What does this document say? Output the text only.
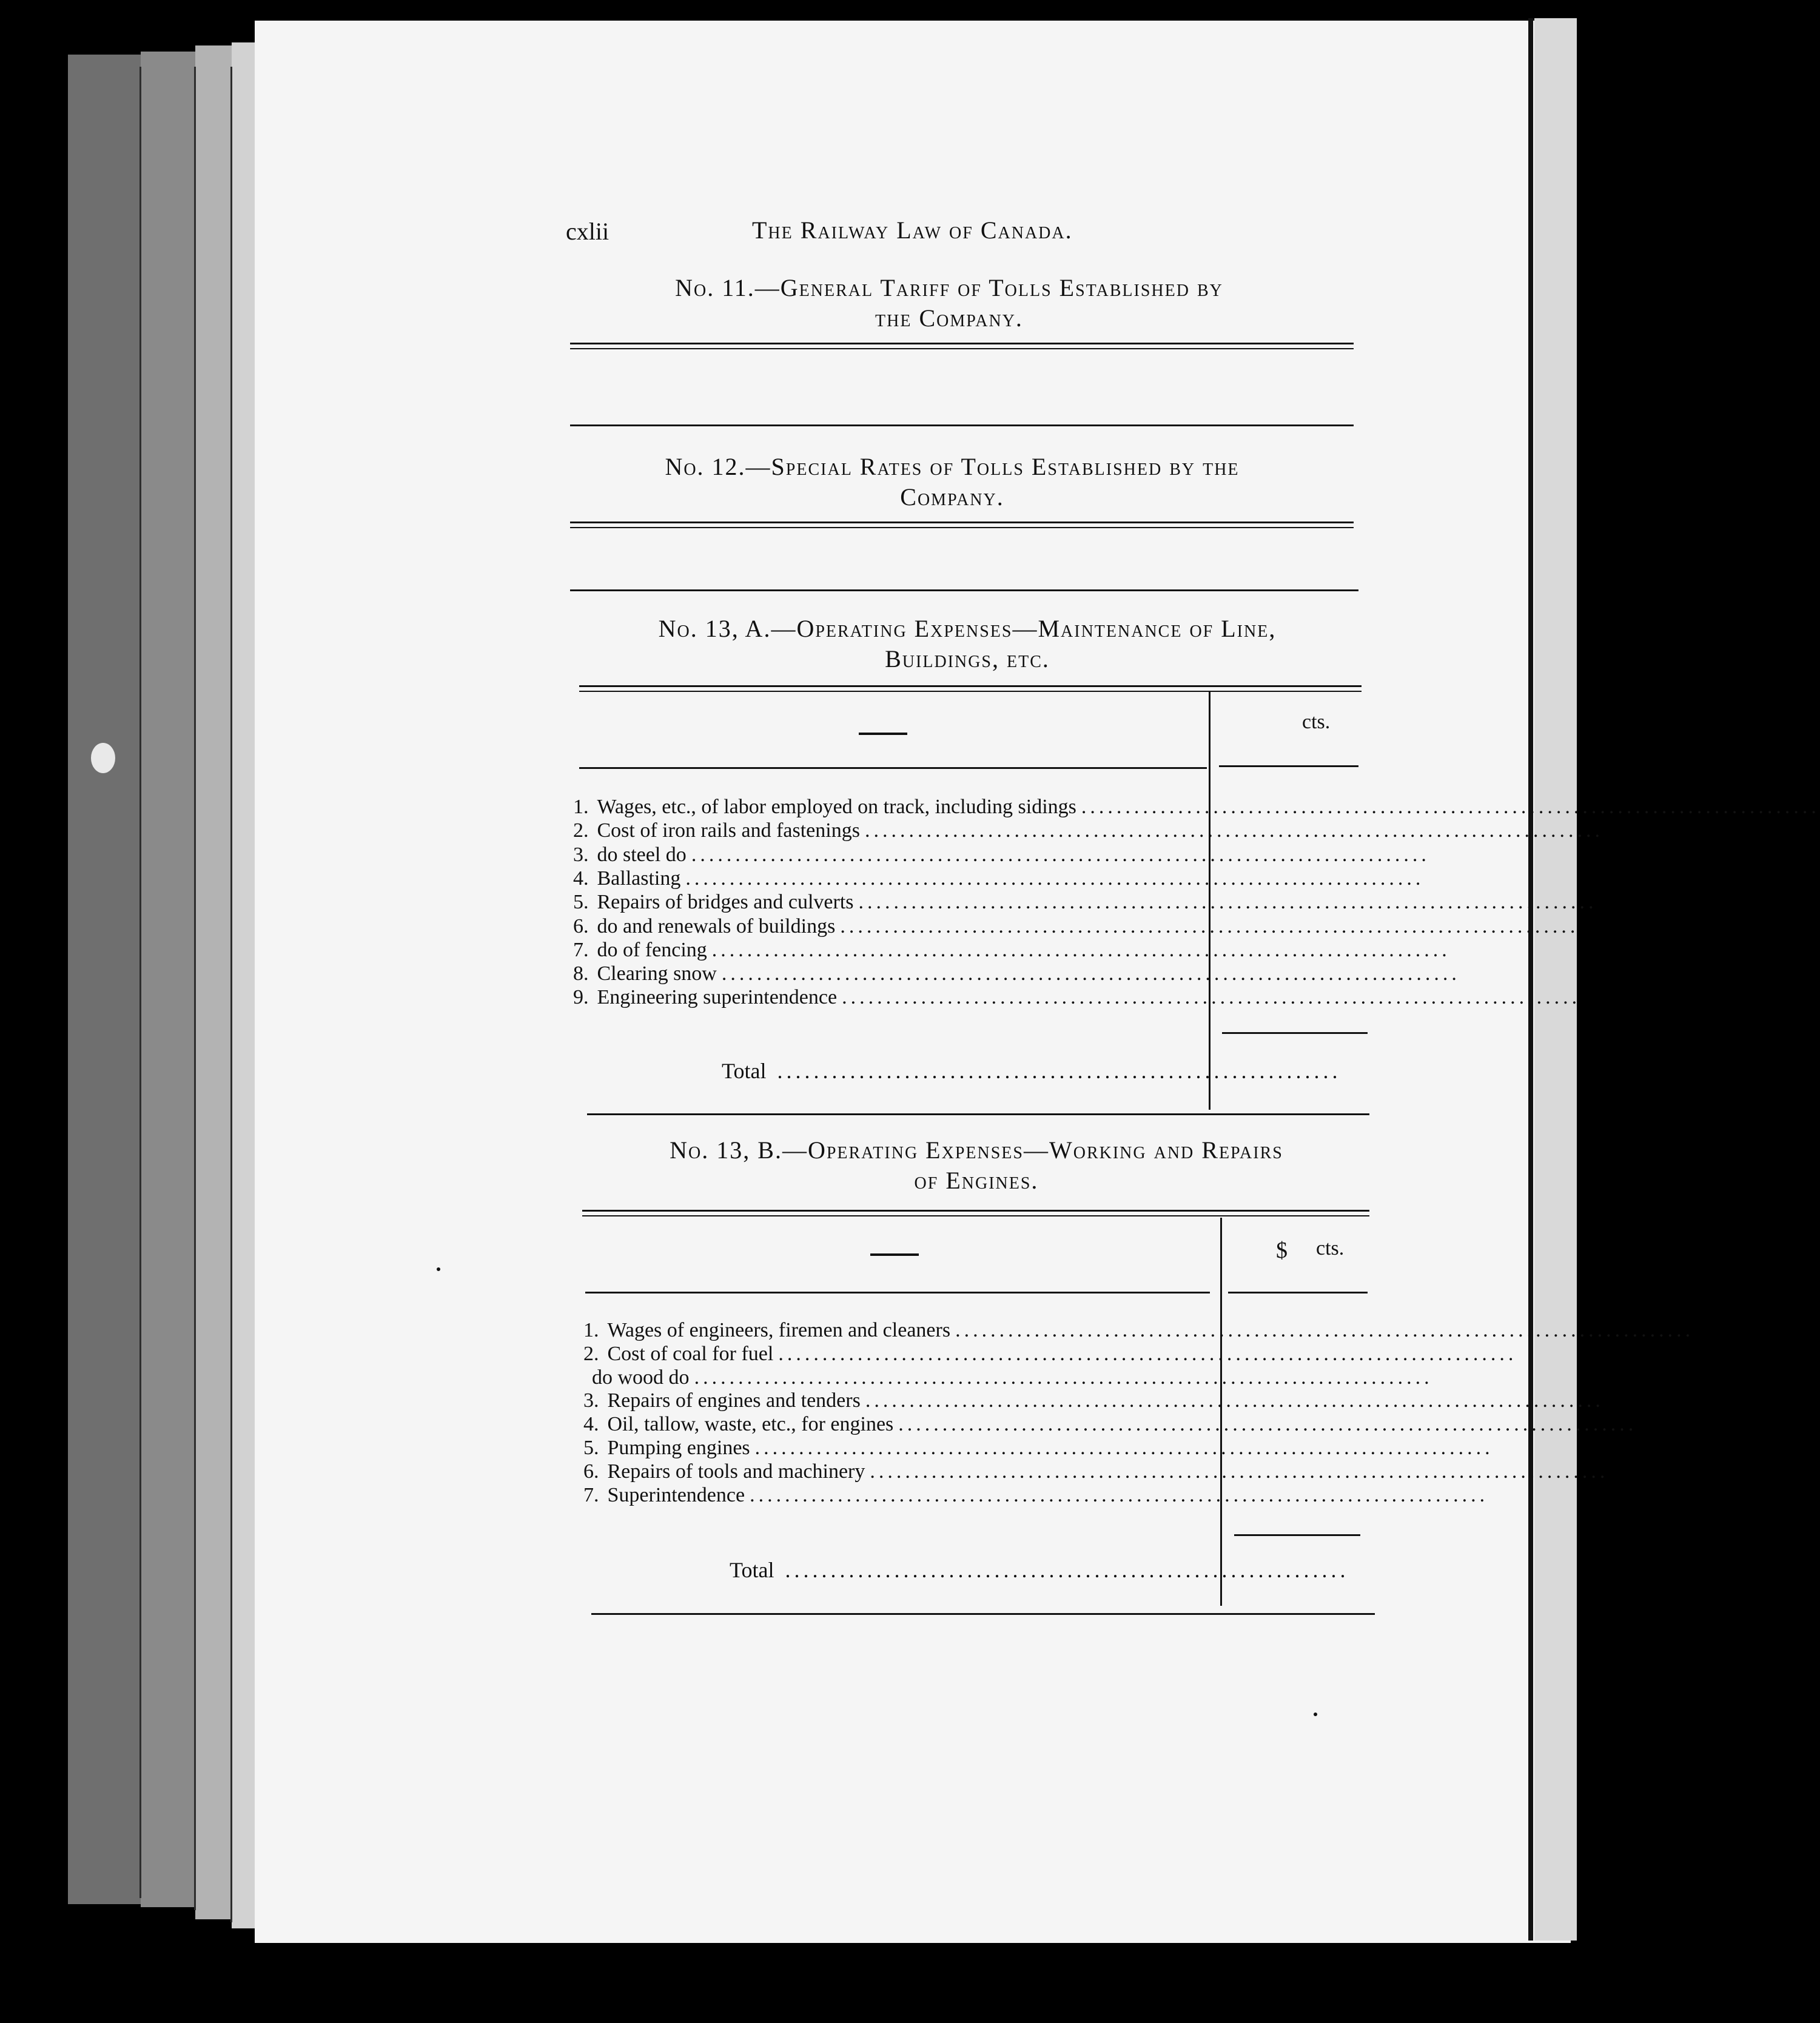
cxlii	The Railway Law of Canada.
No. 11.—General Tariff of Tolls Established by
the Company.
No. 12.—Special Rates of Tolls Established by the
Company.
No. 13, A.—Operating Expenses—Maintenance of Line,
Buildings, etc.
cts.
1. Wages, etc., of labor employed on track, including sidings ....................................................................................
2. Cost of iron rails and fastenings ....................................................................................
3. do steel do ....................................................................................
4. Ballasting ....................................................................................
5. Repairs of bridges and culverts ....................................................................................
6. do and renewals of buildings ....................................................................................
7. do of fencing ....................................................................................
8. Clearing snow ....................................................................................
9. Engineering superintendence ....................................................................................
Total ..............................................................
No. 13, B.—Operating Expenses—Working and Repairs
of Engines.
$ cts.
1. Wages of engineers, firemen and cleaners ....................................................................................
2. Cost of coal for fuel ....................................................................................
do wood do ....................................................................................
3. Repairs of engines and tenders ....................................................................................
4. Oil, tallow, waste, etc., for engines ....................................................................................
5. Pumping engines ....................................................................................
6. Repairs of tools and machinery ....................................................................................
7. Superintendence ....................................................................................
Total ..............................................................
